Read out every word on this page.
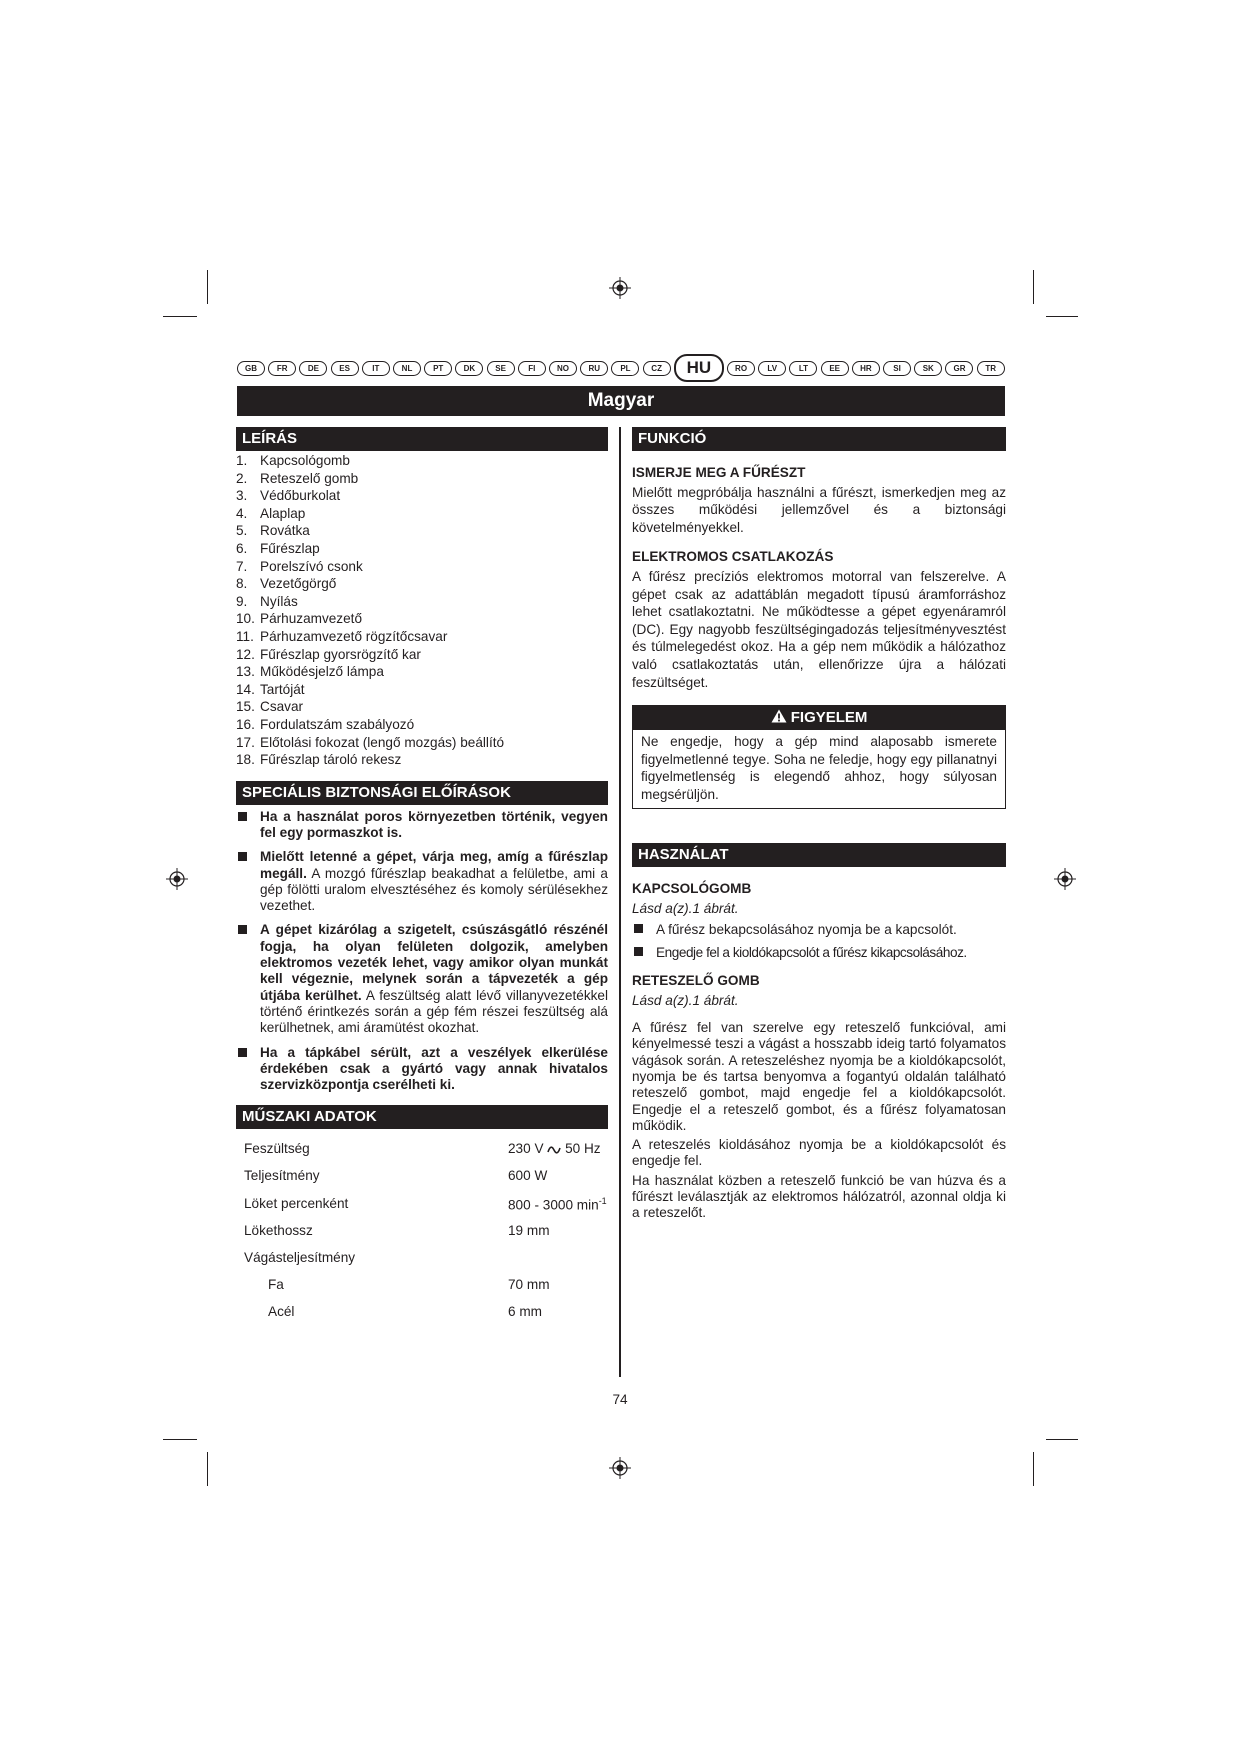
GB	FR	DE	ES	IT	NL	PT	DK	SE	FI	NO	RU	PL	CZ	HU	RO	LV	LT	EE	HR	SI	SK	GR	TR
Magyar
LEÍRÁS
1. Kapcsológomb
2. Reteszelő gomb
3. Védőburkolat
4. Alaplap
5. Rovátka
6. Fűrészlap
7. Porelszívó csonk
8. Vezetőgörgő
9. Nyílás
10. Párhuzamvezető
11. Párhuzamvezető rögzítőcsavar
12. Fűrészlap gyorsrögzítő kar
13. Működésjelző lámpa
14. Tartóját
15. Csavar
16. Fordulatszám szabályozó
17. Előtolási fokozat (lengő mozgás) beállító
18. Fűrészlap tároló rekesz
SPECIÁLIS BIZTONSÁGI ELŐÍRÁSOK
Ha a használat poros környezetben történik, vegyen fel egy pormaszkot is.
Mielőtt letenné a gépet, várja meg, amíg a fűrészlap megáll. A mozgó fűrészlap beakadhat a felületbe, ami a gép fölötti uralom elvesztéséhez és komoly sérülésekhez vezethet.
A gépet kizárólag a szigetelt, csúszásgátló részénél fogja, ha olyan felületen dolgozik, amelyben elektromos vezeték lehet, vagy amikor olyan munkát kell végeznie, melynek során a tápvezeték a gép útjába kerülhet. A feszültség alatt lévő villanyvezetékkel történő érintkezés során a gép fém részei feszültség alá kerülhetnek, ami áramütést okozhat.
Ha a tápkábel sérült, azt a veszélyek elkerülése érdekében csak a gyártó vagy annak hivatalos szervizközpontja cserélheti ki.
MŰSZAKI ADATOK
Feszültség	230 V 50 Hz
Teljesítmény	600 W
Löket percenként	800 - 3000 $\min^{-1}$
Lökethossz	19 mm
Vágásteljesítmény	
Fa	70 mm
Acél	6 mm
FUNKCIÓ
ISMERJE MEG A FŰRÉSZT

Mielőtt megpróbálja használni a fűrészt, ismerkedjen meg az összes működési jellemzővel és a biztonsági követelményekkel.

ELEKTROMOS CSATLAKOZÁS

A fűrész precíziós elektromos motorral van felszerelve. A gépet csak az adattáblán megadott típusú áramforráshoz lehet csatlakoztatni. Ne működtesse a gépet egyenáramról (DC). Egy nagyobb feszültségingadozás teljesítményvesztést és túlmelegedést okoz. Ha a gép nem működik a hálózathoz való csatlakoztatás után, ellenőrizze újra a hálózati feszültséget.

FIGYELEM
Ne engedje, hogy a gép mind alaposabb ismerete figyelmetlenné tegye. Soha ne feledje, hogy egy pillanatnyi figyelmetlenség is elegendő ahhoz, hogy súlyosan megsérüljön.
HASZNÁLAT
KAPCSOLÓGOMB
Lásd a(z).1 ábrát.
A fűrész bekapcsolásához nyomja be a kapcsolót.
Engedje fel a kioldókapcsolót a fűrész kikapcsolásához.
RETESZELŐ GOMB
Lásd a(z).1 ábrát.

A fűrész fel van szerelve egy reteszelő funkcióval, ami kényelmessé teszi a vágást a hosszabb ideig tartó folyamatos vágások során. A reteszeléshez nyomja be a kioldókapcsolót, nyomja be és tartsa benyomva a fogantyú oldalán található reteszelő gombot, majd engedje fel a kioldókapcsolót. Engedje el a reteszelő gombot, és a fűrész folyamatosan működik.

A reteszelés kioldásához nyomja be a kioldókapcsolót és engedje fel.

Ha használat közben a reteszelő funkció be van húzva és a fűrészt leválasztják az elektromos hálózatról, azonnal oldja ki a reteszelőt.

74
